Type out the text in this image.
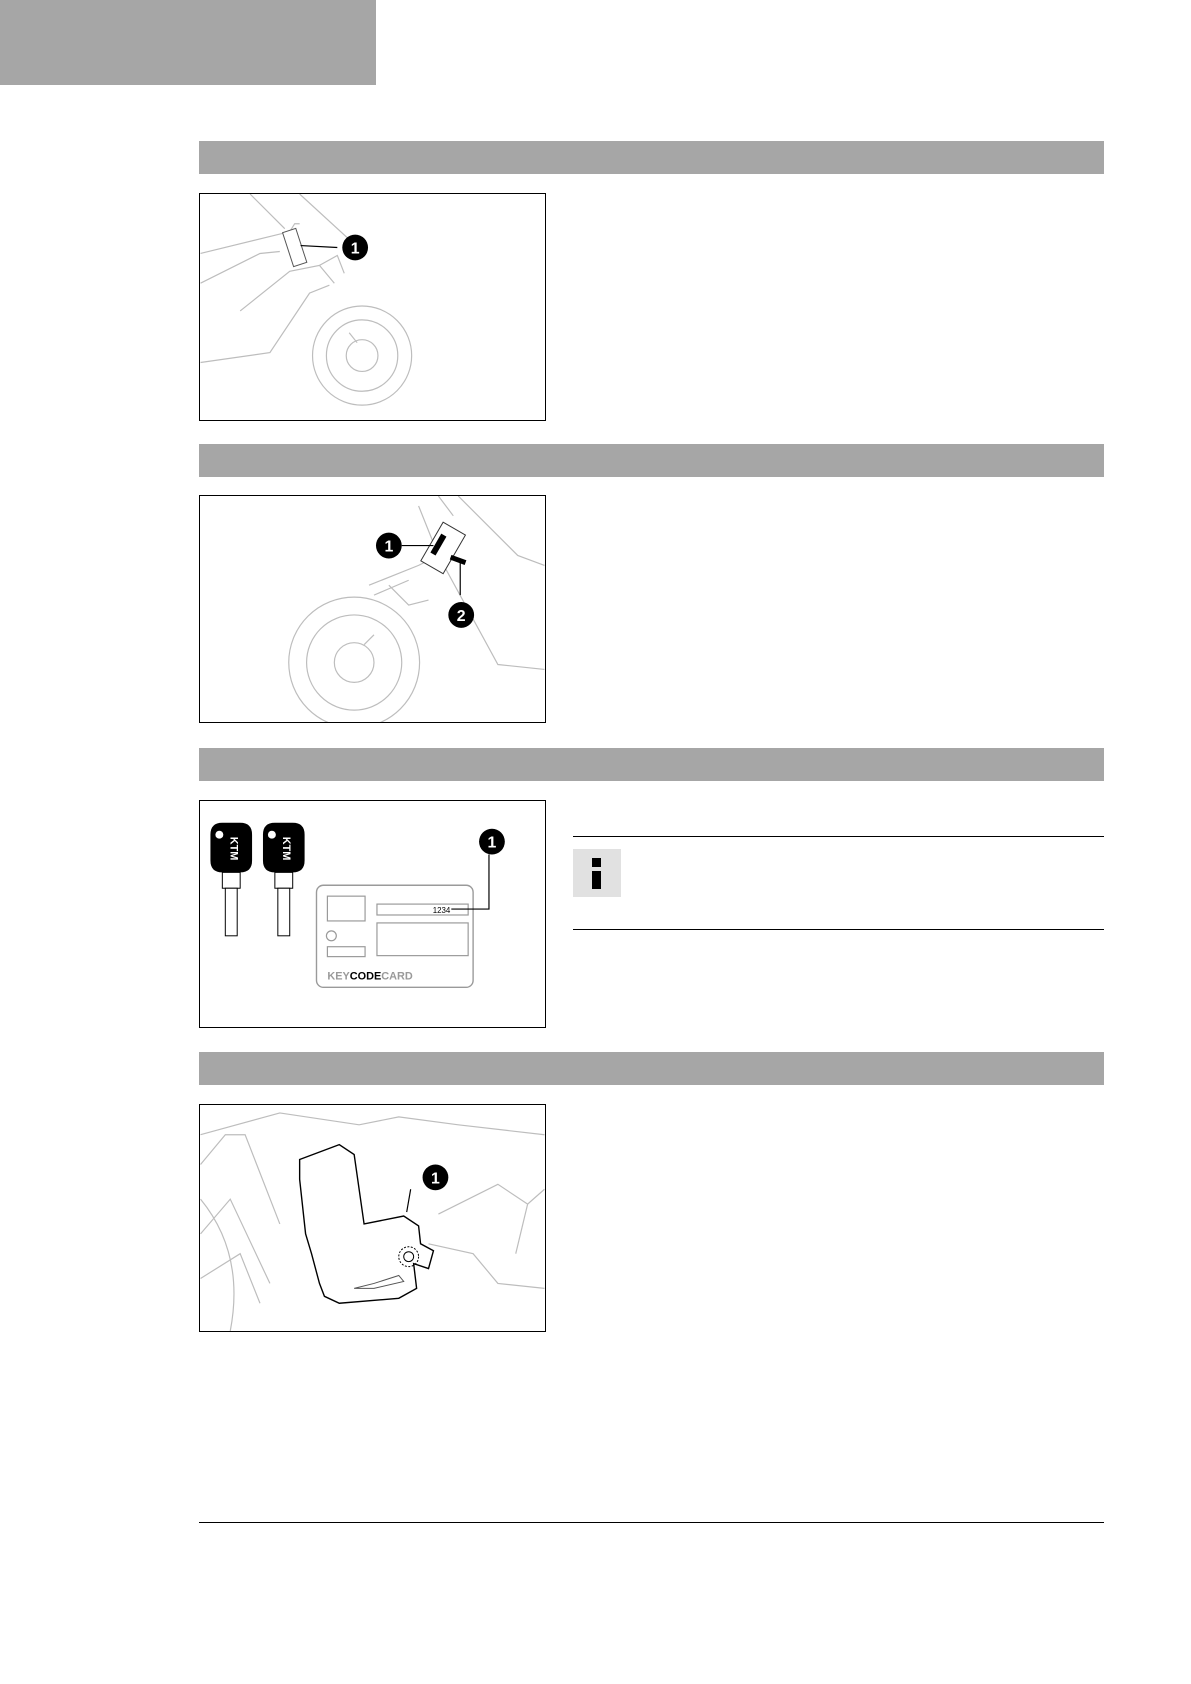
1
1
2
KTM	KTM
1234
KEYCODECARD
1
1
